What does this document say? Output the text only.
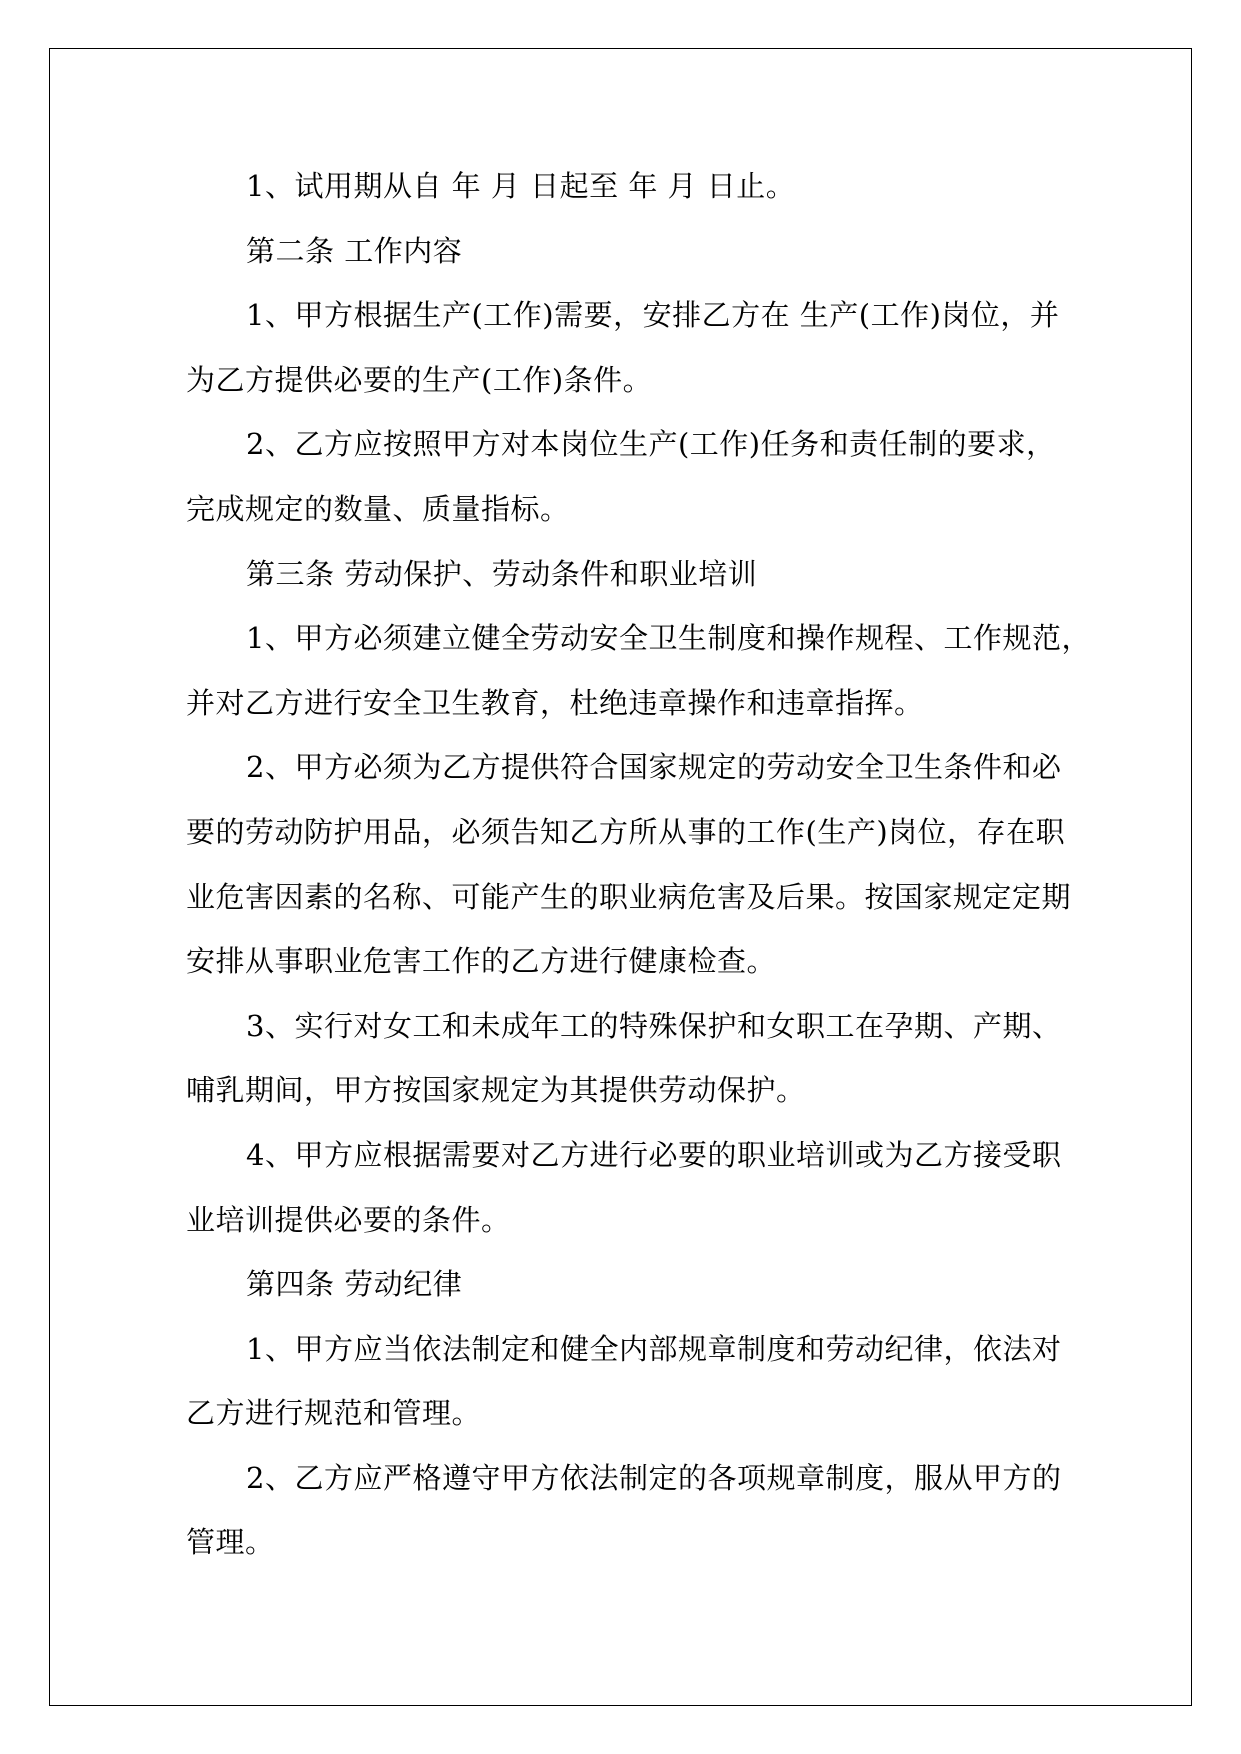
1、试用期从自 年 月 日起至 年 月 日止。
第二条 工作内容
1、甲方根据生产(工作)需要，安排乙方在 生产(工作)岗位，并
为乙方提供必要的生产(工作)条件。
2、乙方应按照甲方对本岗位生产(工作)任务和责任制的要求，
完成规定的数量、质量指标。
第三条 劳动保护、劳动条件和职业培训
1、甲方必须建立健全劳动安全卫生制度和操作规程、工作规范，
并对乙方进行安全卫生教育，杜绝违章操作和违章指挥。
2、甲方必须为乙方提供符合国家规定的劳动安全卫生条件和必
要的劳动防护用品，必须告知乙方所从事的工作(生产)岗位，存在职
业危害因素的名称、可能产生的职业病危害及后果。按国家规定定期
安排从事职业危害工作的乙方进行健康检查。
3、实行对女工和未成年工的特殊保护和女职工在孕期、产期、
哺乳期间，甲方按国家规定为其提供劳动保护。
4、甲方应根据需要对乙方进行必要的职业培训或为乙方接受职
业培训提供必要的条件。
第四条 劳动纪律
1、甲方应当依法制定和健全内部规章制度和劳动纪律，依法对
乙方进行规范和管理。
2、乙方应严格遵守甲方依法制定的各项规章制度，服从甲方的
管理。
